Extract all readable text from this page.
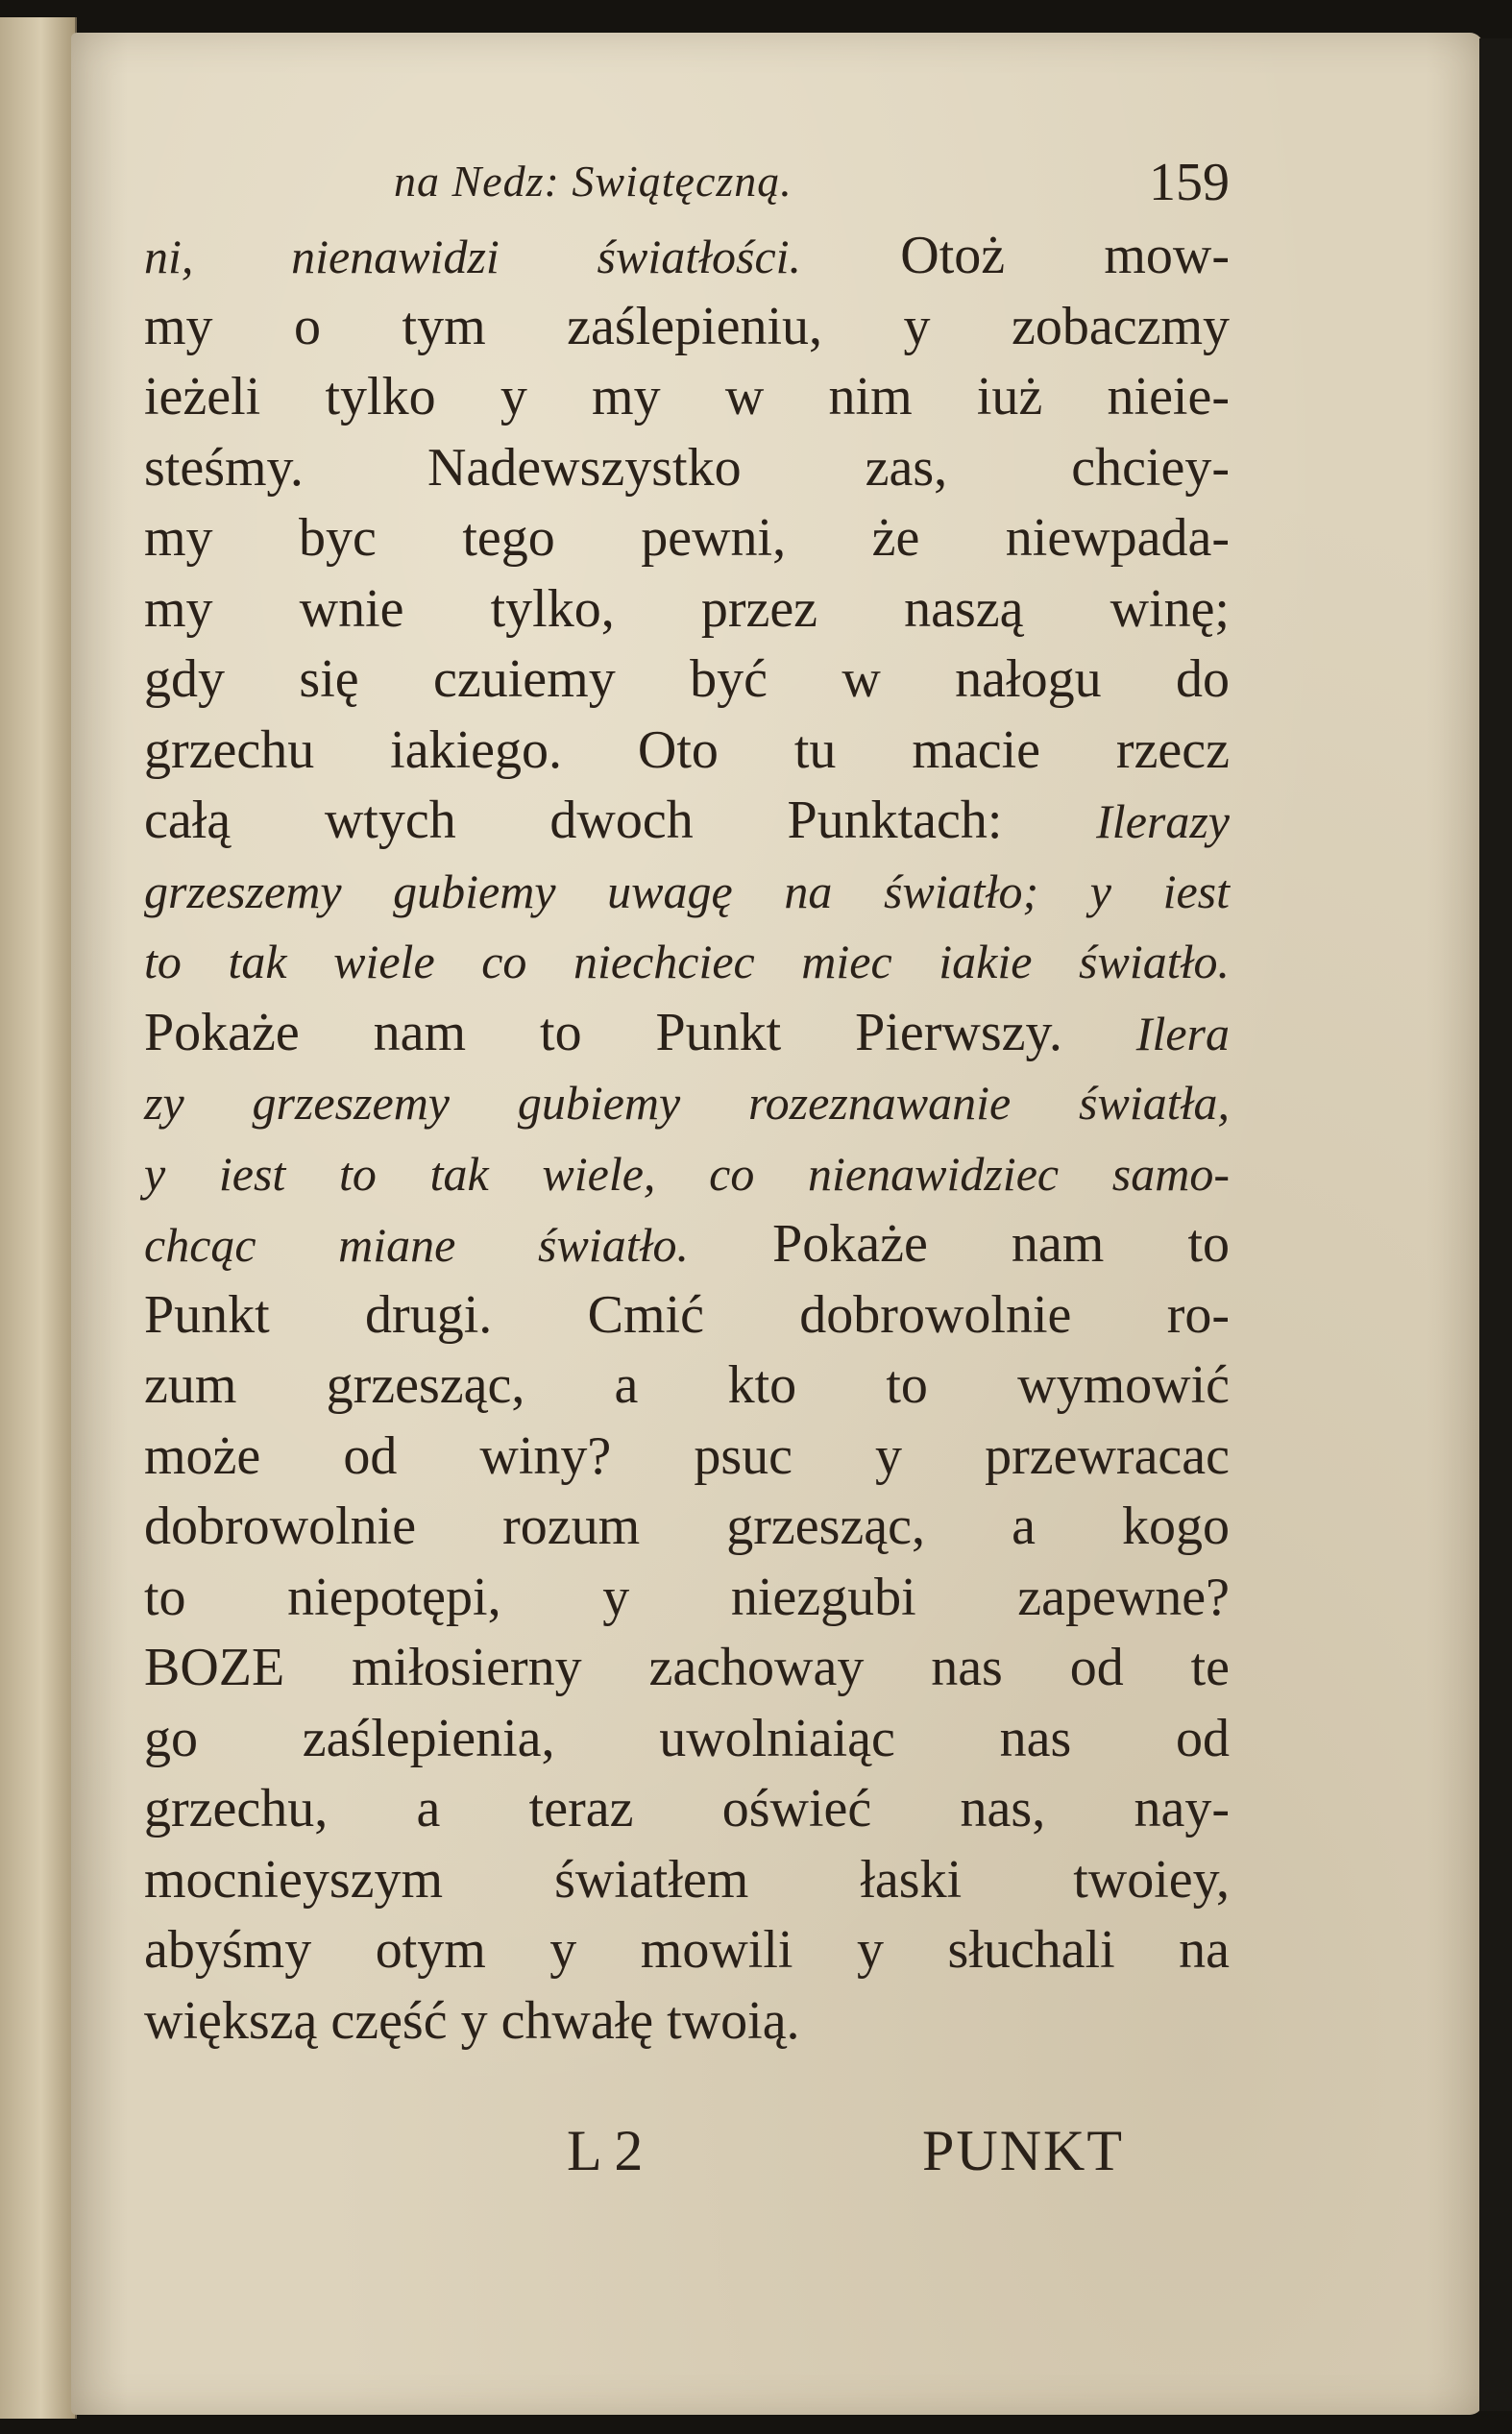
na Nedz: Swiątęczną.	159
ni, nienawidzi światłości. Otoż mow-
my o tym zaślepieniu, y zobaczmy
ieżeli tylko y my w nim iuż nieie-
steśmy. Nadewszystko zas, chciey-
my byc tego pewni, że niewpada-
my wnie tylko, przez naszą winę;
gdy się czuiemy być w nałogu do
grzechu iakiego. Oto tu macie rzecz
całą wtych dwoch Punktach: Ilerazy
grzeszemy gubiemy uwagę na światło; y iest
to tak wiele co niechciec miec iakie światło.
Pokaże nam to Punkt Pierwszy. Ilera
zy grzeszemy gubiemy rozeznawanie światła,
y iest to tak wiele, co nienawidziec samo-
chcąc miane światło. Pokaże nam to
Punkt drugi. Cmić dobrowolnie ro-
zum grzesząc, a kto to wymowić
może od winy? psuc y przewracac
dobrowolnie rozum grzesząc, a kogo
to niepotępi, y niezgubi zapewne?
BOZE miłosierny zachoway nas od te
go zaślepienia, uwolniaiąc nas od
grzechu, a teraz oświeć nas, nay-
mocnieyszym światłem łaski twoiey,
abyśmy otym y mowili y słuchali na
większą część y chwałę twoią.
L 2	PUNKT
